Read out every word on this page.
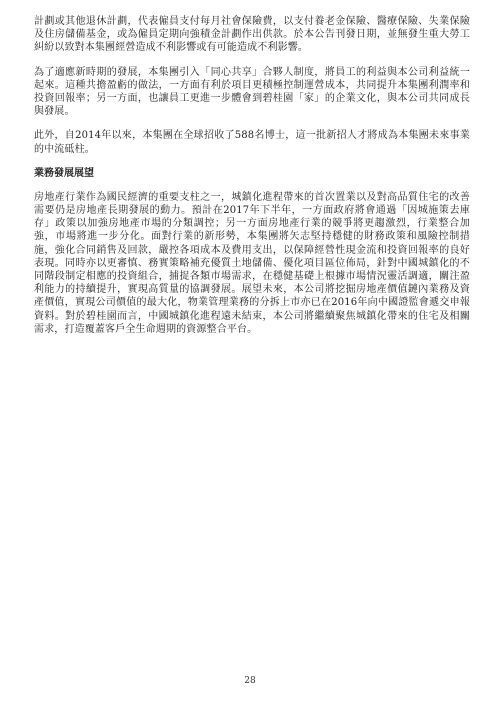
計劃或其他退休計劃，代表僱員支付每月社會保險費，以支付養老金保險、醫療保險、失業保險及住房儲備基金，或為僱員定期向強積金計劃作出供款。於本公告刊發日期，並無發生重大勞工糾紛以致對本集團經營造成不利影響或有可能造成不利影響。

為了適應新時期的發展，本集團引入「同心共享」合夥人制度，將員工的利益與本公司利益統一起來。這種共擔盈虧的做法，一方面有利於項目更積極控制運營成本，共同提升本集團利潤率和投資回報率；另一方面，也讓員工更進一步體會到碧桂園「家」的企業文化，與本公司共同成長與發展。

此外，自2014年以來，本集團在全球招收了588名博士，這一批新招人才將成為本集團未來事業的中流砥柱。

業務發展展望

房地產行業作為國民經濟的重要支柱之一，城鎮化進程帶來的首次置業以及對高品質住宅的改善需要仍是房地產長期發展的動力。預計在2017年下半年，一方面政府將會通過「因城施策去庫存」政策以加強房地產市場的分類調控；另一方面房地產行業的競爭將更趨激烈，行業整合加強，市場將進一步分化。面對行業的新形勢，本集團將矢志堅持穩健的財務政策和風險控制措施，強化合同銷售及回款，嚴控各項成本及費用支出，以保障經營性現金流和投資回報率的良好表現。同時亦以更審慎、務實策略補充優質土地儲備、優化項目區位佈局，針對中國城鎮化的不同階段制定相應的投資組合，捕捉各類市場需求，在穩健基礎上根據市場情況靈活調適，關注盈利能力的持續提升，實現高質量的協調發展。展望未來，本公司將挖掘房地產價值鏈內業務及資產價值，實現公司價值的最大化，物業管理業務的分拆上市亦已在2016年向中國證監會遞交申報資料。對於碧桂園而言，中國城鎮化進程遠未結束，本公司將繼續聚焦城鎮化帶來的住宅及相關需求，打造覆蓋客戶全生命週期的資源整合平台。

28
